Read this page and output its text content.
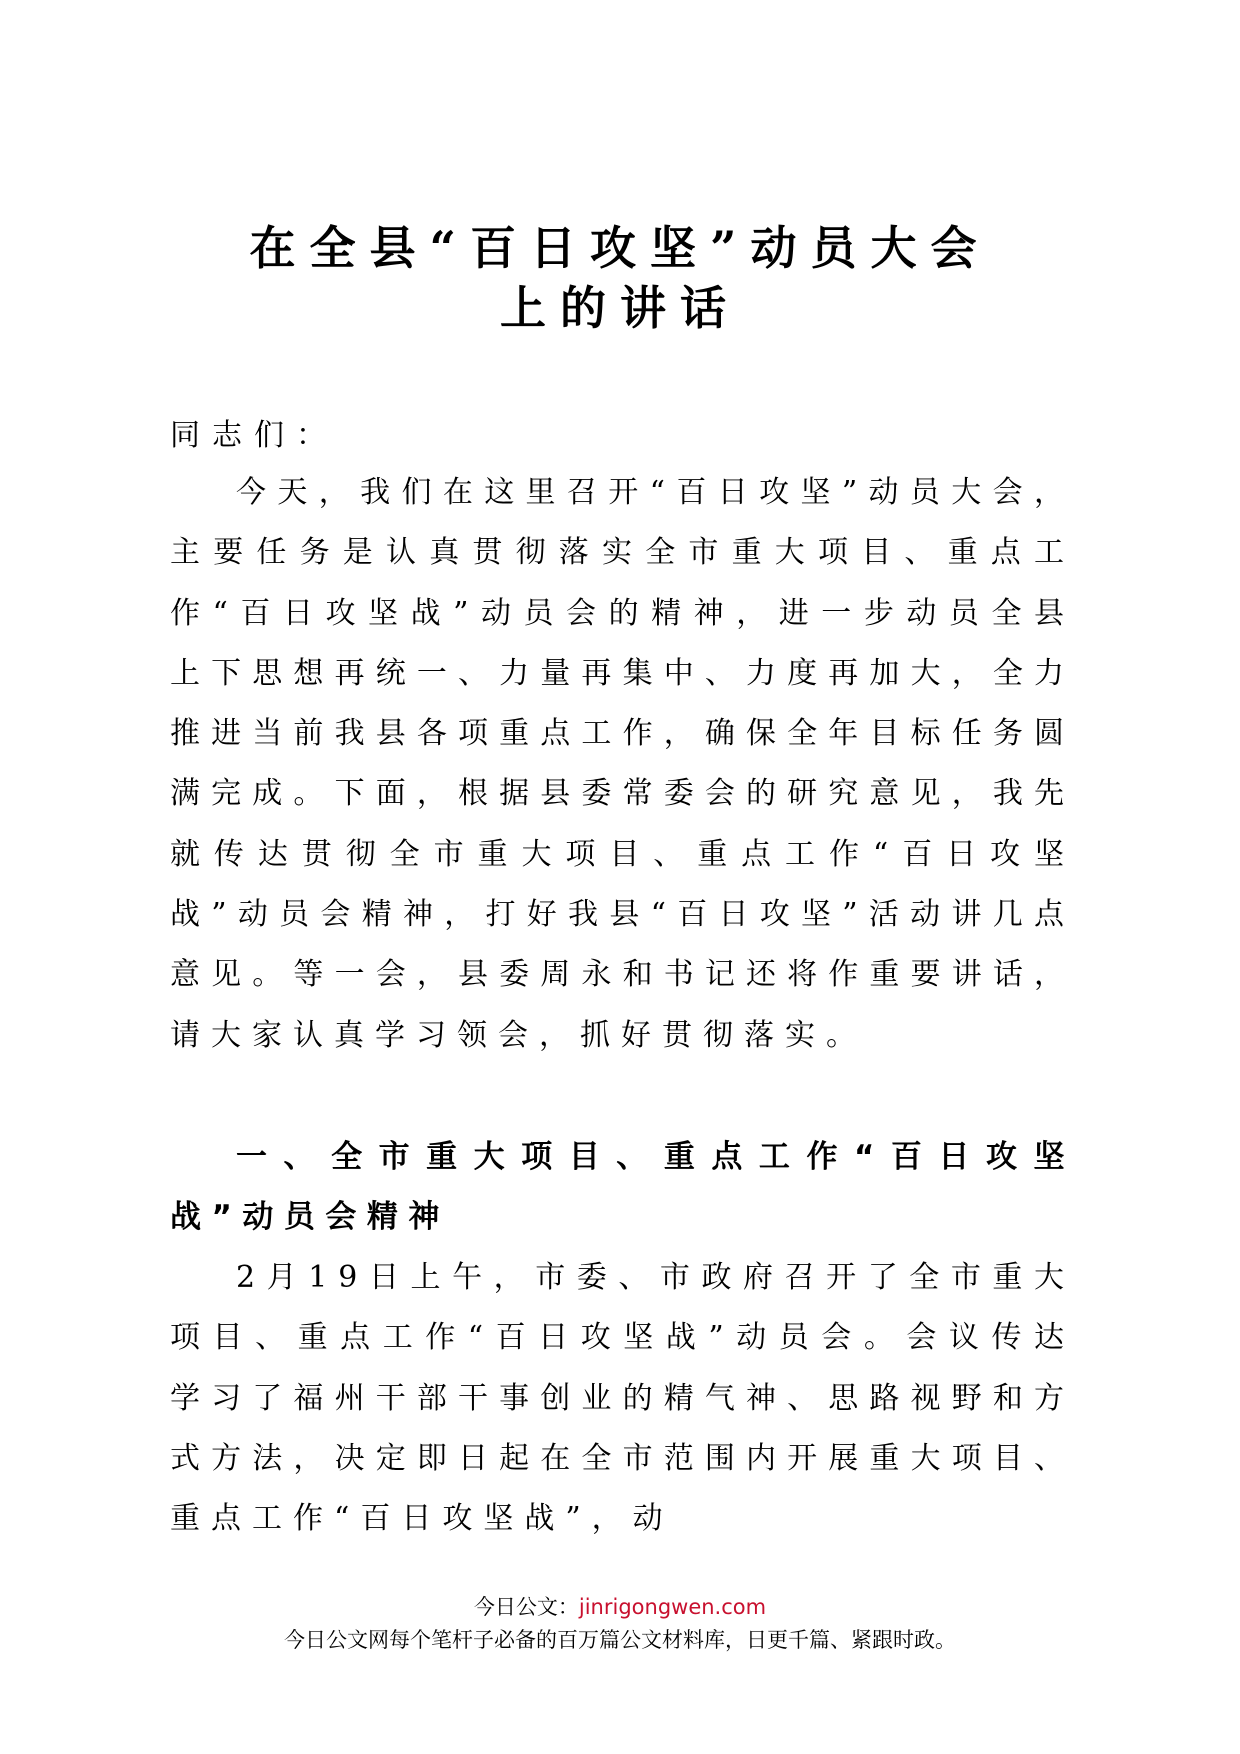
在全县“百日攻坚”动员大会
上的讲话
同志们：
今天，我们在这里召开“百日攻坚”动员大会，主要任务是认真贯彻落实全市重大项目、重点工作“百日攻坚战”动员会的精神，进一步动员全县上下思想再统一、力量再集中、力度再加大，全力推进当前我县各项重点工作，确保全年目标任务圆满完成。下面，根据县委常委会的研究意见，我先就传达贯彻全市重大项目、重点工作“百日攻坚战”动员会精神，打好我县“百日攻坚”活动讲几点意见。等一会，县委周永和书记还将作重要讲话，请大家认真学习领会，抓好贯彻落实。
一、全市重大项目、重点工作“百日攻坚战”动员会精神
2月19日上午，市委、市政府召开了全市重大项目、重点工作“百日攻坚战”动员会。会议传达学习了福州干部干事创业的精气神、思路视野和方式方法，决定即日起在全市范围内开展重大项目、重点工作“百日攻坚战”，动
今日公文：jinrigongwen.com
今日公文网每个笔杆子必备的百万篇公文材料库，日更千篇、紧跟时政。
